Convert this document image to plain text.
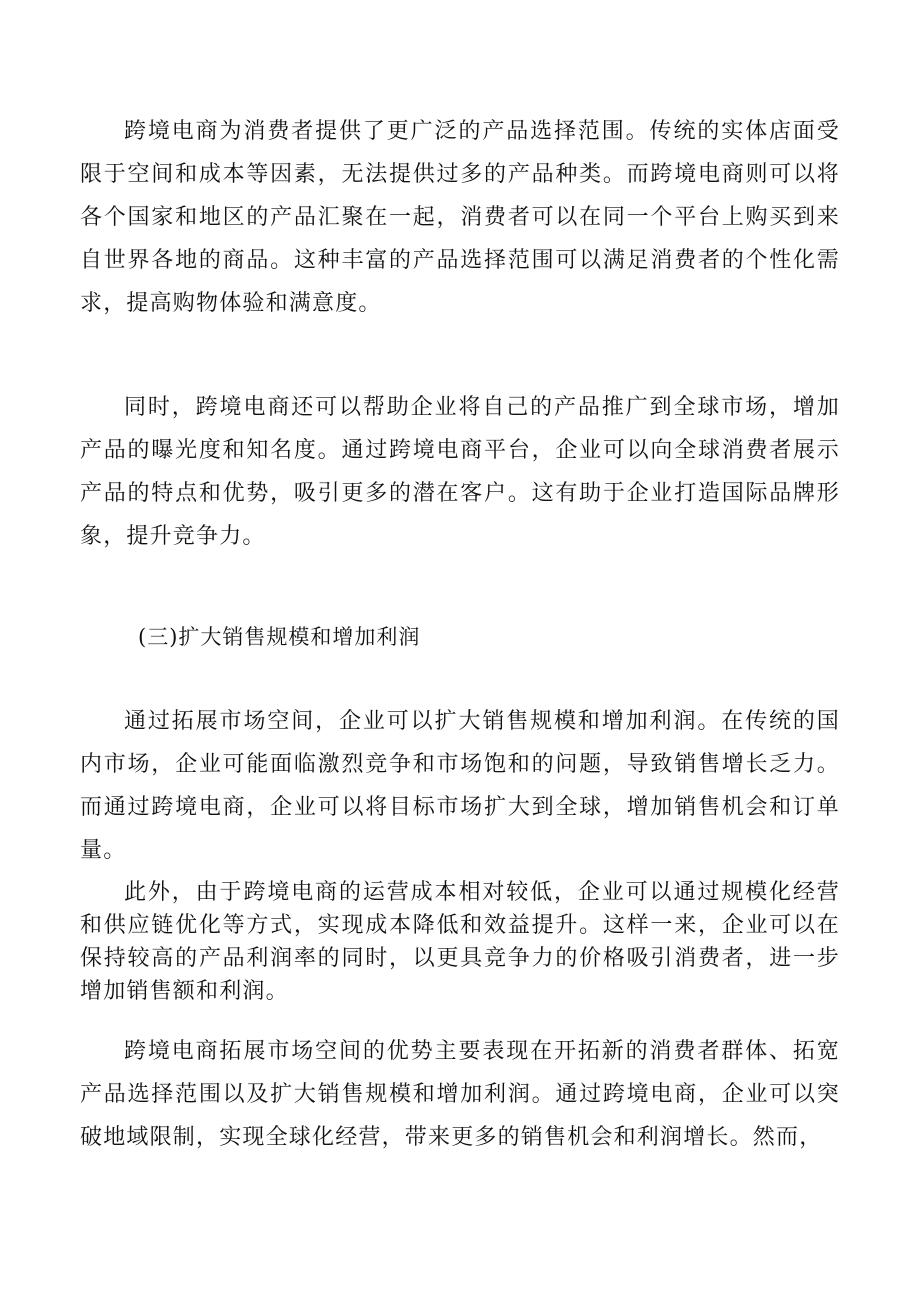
跨境电商为消费者提供了更广泛的产品选择范围。传统的实体店面受限于空间和成本等因素，无法提供过多的产品种类。而跨境电商则可以将各个国家和地区的产品汇聚在一起，消费者可以在同一个平台上购买到来自世界各地的商品。这种丰富的产品选择范围可以满足消费者的个性化需求，提高购物体验和满意度。

同时，跨境电商还可以帮助企业将自己的产品推广到全球市场，增加产品的曝光度和知名度。通过跨境电商平台，企业可以向全球消费者展示产品的特点和优势，吸引更多的潜在客户。这有助于企业打造国际品牌形象，提升竞争力。

(三)扩大销售规模和增加利润

通过拓展市场空间，企业可以扩大销售规模和增加利润。在传统的国内市场，企业可能面临激烈竞争和市场饱和的问题，导致销售增长乏力。而通过跨境电商，企业可以将目标市场扩大到全球，增加销售机会和订单量。

此外，由于跨境电商的运营成本相对较低，企业可以通过规模化经营和供应链优化等方式，实现成本降低和效益提升。这样一来，企业可以在保持较高的产品利润率的同时，以更具竞争力的价格吸引消费者，进一步增加销售额和利润。

跨境电商拓展市场空间的优势主要表现在开拓新的消费者群体、拓宽产品选择范围以及扩大销售规模和增加利润。通过跨境电商，企业可以突破地域限制，实现全球化经营，带来更多的销售机会和利润增长。然而，
